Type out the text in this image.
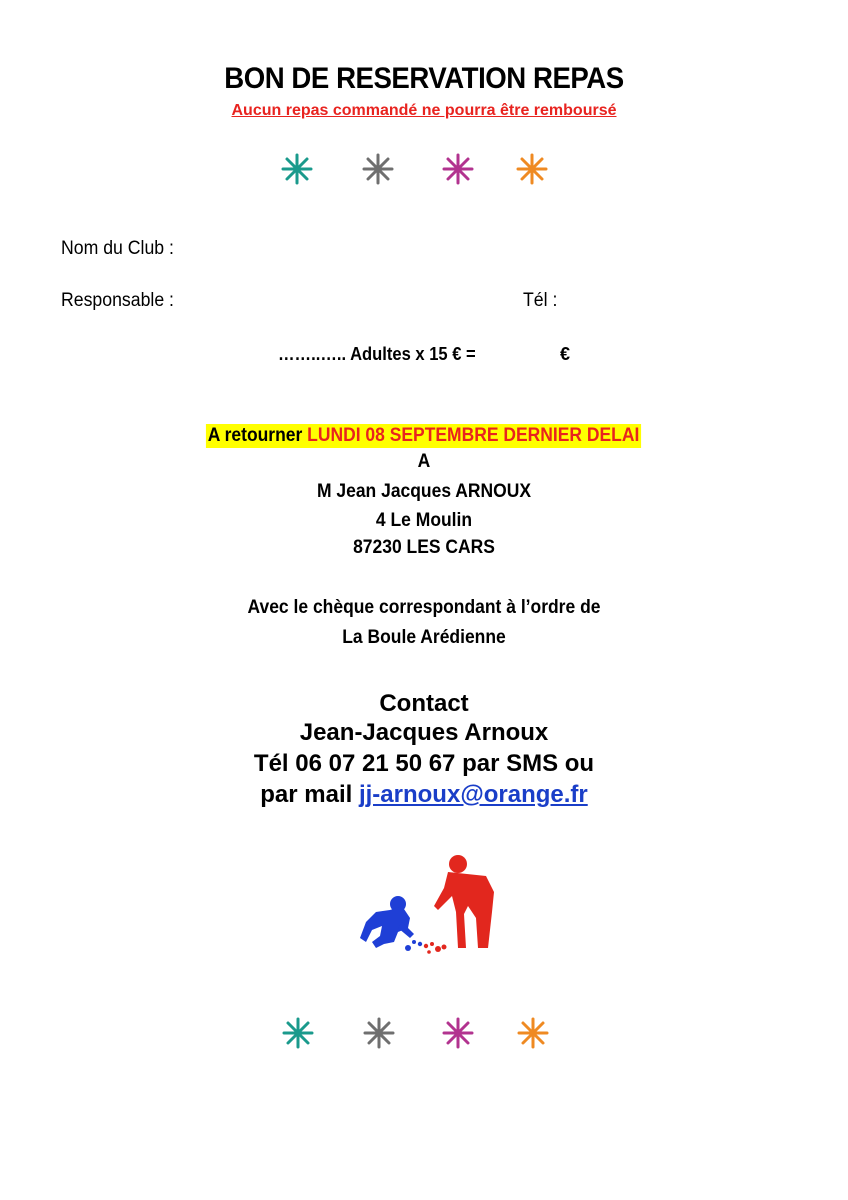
BON DE RESERVATION REPAS
Aucun repas commandé ne pourra être remboursé
Nom du Club :
Responsable :	Tél :
……..….. Adultes x 15 € =	€
A retourner LUNDI 08 SEPTEMBRE DERNIER DELAI
A
M Jean Jacques ARNOUX
4 Le Moulin
87230 LES CARS
Avec le chèque correspondant à l’ordre de
La Boule Arédienne
Contact
Jean-Jacques Arnoux
Tél 06 07 21 50 67 par SMS ou
par mail jj-arnoux@orange.fr
